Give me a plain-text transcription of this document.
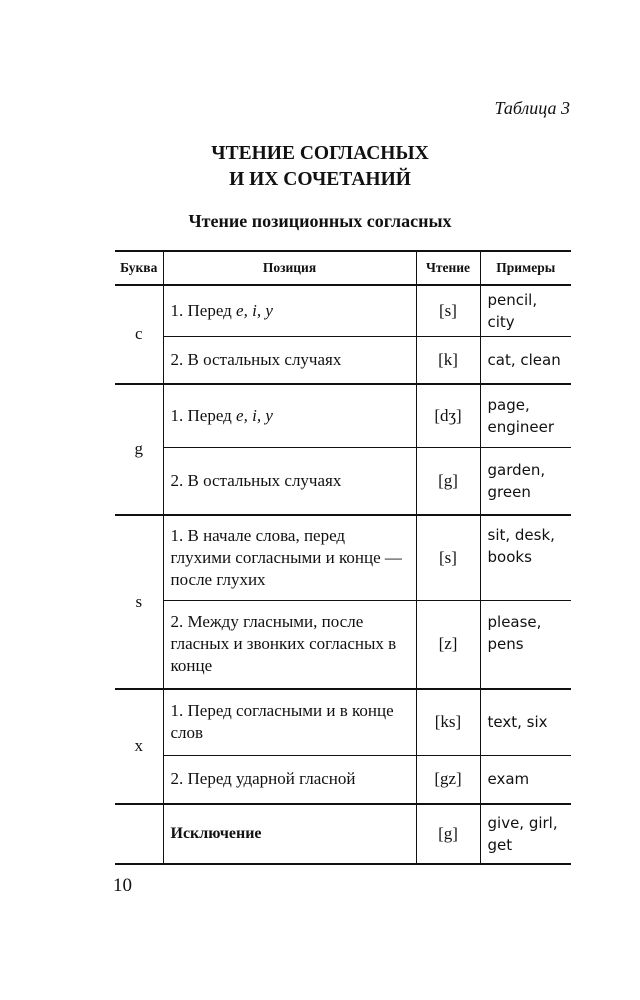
Таблица 3
ЧТЕНИЕ СОГЛАСНЫХ
И ИХ СОЧЕТАНИЙ
Чтение позиционных согласных
Буква	Позиция	Чтение	Примеры
c	1. Перед e, i, y	[s]	pencil, city
	2. В остальных случаях	[k]	cat, clean
g	1. Перед e, i, y	[dʒ]	page, engineer
	2. В остальных случаях	[g]	garden, green
s	1. В начале слова, перед глухими согласными и конце — после глухих	[s]	sit, desk, books
	2. Между гласными, после гласных и звонких согласных в конце	[z]	please, pens
x	1. Перед согласными и в конце слов	[ks]	text, six
	2. Перед ударной гласной	[gz]	exam
	Исключение	[g]	give, girl, get
10
